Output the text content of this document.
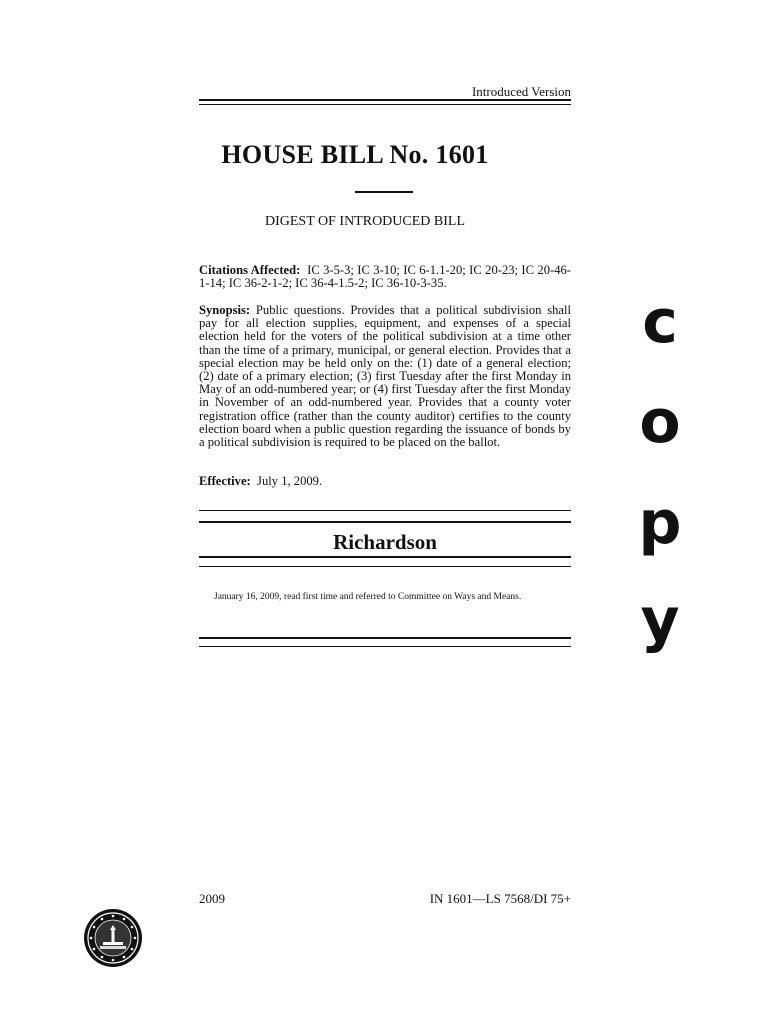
Introduced Version
HOUSE BILL No. 1601
DIGEST OF INTRODUCED BILL
Citations Affected: IC 3-5-3; IC 3-10; IC 6-1.1-20; IC 20-23; IC 20-46-1-14; IC 36-2-1-2; IC 36-4-1.5-2; IC 36-10-3-35.
Synopsis: Public questions. Provides that a political subdivision shall pay for all election supplies, equipment, and expenses of a special election held for the voters of the political subdivision at a time other than the time of a primary, municipal, or general election. Provides that a special election may be held only on the: (1) date of a general election; (2) date of a primary election; (3) first Tuesday after the first Monday in May of an odd-numbered year; or (4) first Tuesday after the first Monday in November of an odd-numbered year. Provides that a county voter registration office (rather than the county auditor) certifies to the county election board when a public question regarding the issuance of bonds by a political subdivision is required to be placed on the ballot.
Effective: July 1, 2009.
Richardson
January 16, 2009, read first time and referred to Committee on Ways and Means.
c
o
p
y
2009	IN 1601—LS 7568/DI 75+
